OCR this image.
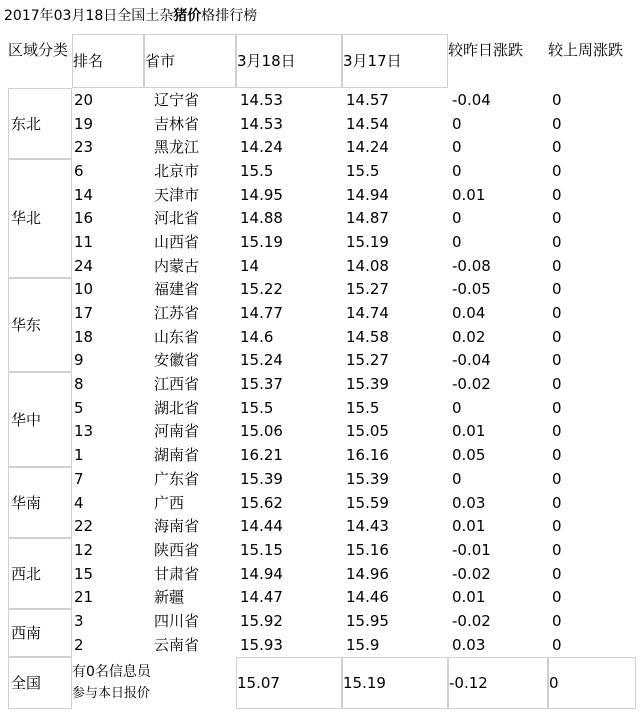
2017年03月18日全国土杂猪价格排行榜
区域分类	排名	省市	3月18日	3月17日	较昨日涨跌	较上周涨跌
东北	20	辽宁省	14.53	14.57	-0.04	0
	19	吉林省	14.53	14.54	0	0
	23	黑龙江	14.24	14.24	0	0
华北	6	北京市	15.5	15.5	0	0
	14	天津市	14.95	14.94	0.01	0
	16	河北省	14.88	14.87	0	0
	11	山西省	15.19	15.19	0	0
	24	内蒙古	14	14.08	-0.08	0
华东	10	福建省	15.22	15.27	-0.05	0
	17	江苏省	14.77	14.74	0.04	0
	18	山东省	14.6	14.58	0.02	0
	9	安徽省	15.24	15.27	-0.04	0
华中	8	江西省	15.37	15.39	-0.02	0
	5	湖北省	15.5	15.5	0	0
	13	河南省	15.06	15.05	0.01	0
	1	湖南省	16.21	16.16	0.05	0
华南	7	广东省	15.39	15.39	0	0
	4	广西	15.62	15.59	0.03	0
	22	海南省	14.44	14.43	0.01	0
西北	12	陕西省	15.15	15.16	-0.01	0
	15	甘肃省	14.94	14.96	-0.02	0
	21	新疆	14.47	14.46	0.01	0
西南	3	四川省	15.92	15.95	-0.02	0
	2	云南省	15.93	15.9	0.03	0
全国	有0名信息员
参与本日报价		15.07	15.19	-0.12	0
